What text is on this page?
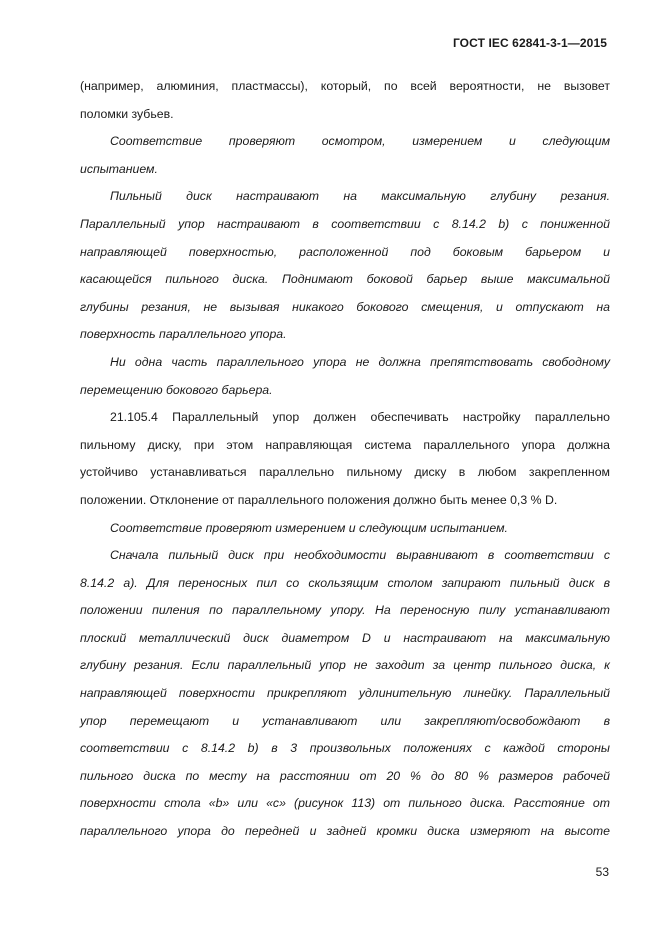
ГОСТ IEC 62841-3-1—2015
(например, алюминия, пластмассы), который, по всей вероятности, не вызовет
поломки зубьев.
Соответствие проверяют осмотром, измерением и следующим
испытанием.
Пильный диск настраивают на максимальную глубину резания.
Параллельный упор настраивают в соответствии с 8.14.2 b) с пониженной
направляющей поверхностью, расположенной под боковым барьером и
касающейся пильного диска. Поднимают боковой барьер выше максимальной
глубины резания, не вызывая никакого бокового смещения, и отпускают на
поверхность параллельного упора.
Ни одна часть параллельного упора не должна препятствовать свободному
перемещению бокового барьера.
21.105.4 Параллельный упор должен обеспечивать настройку параллельно
пильному диску, при этом направляющая система параллельного упора должна
устойчиво устанавливаться параллельно пильному диску в любом закрепленном
положении. Отклонение от параллельного положения должно быть менее 0,3 % D.
Соответствие проверяют измерением и следующим испытанием.
Сначала пильный диск при необходимости выравнивают в соответствии с
8.14.2 а). Для переносных пил со скользящим столом запирают пильный диск в
положении пиления по параллельному упору. На переносную пилу устанавливают
плоский металлический диск диаметром D и настраивают на максимальную
глубину резания. Если параллельный упор не заходит за центр пильного диска, к
направляющей поверхности прикрепляют удлинительную линейку. Параллельный
упор перемещают и устанавливают или закрепляют/освобождают в
соответствии с 8.14.2 b) в 3 произвольных положениях с каждой стороны
пильного диска по месту на расстоянии от 20 % до 80 % размеров рабочей
поверхности стола «b» или «c» (рисунок 113) от пильного диска. Расстояние от
параллельного упора до передней и задней кромки диска измеряют на высоте
53
